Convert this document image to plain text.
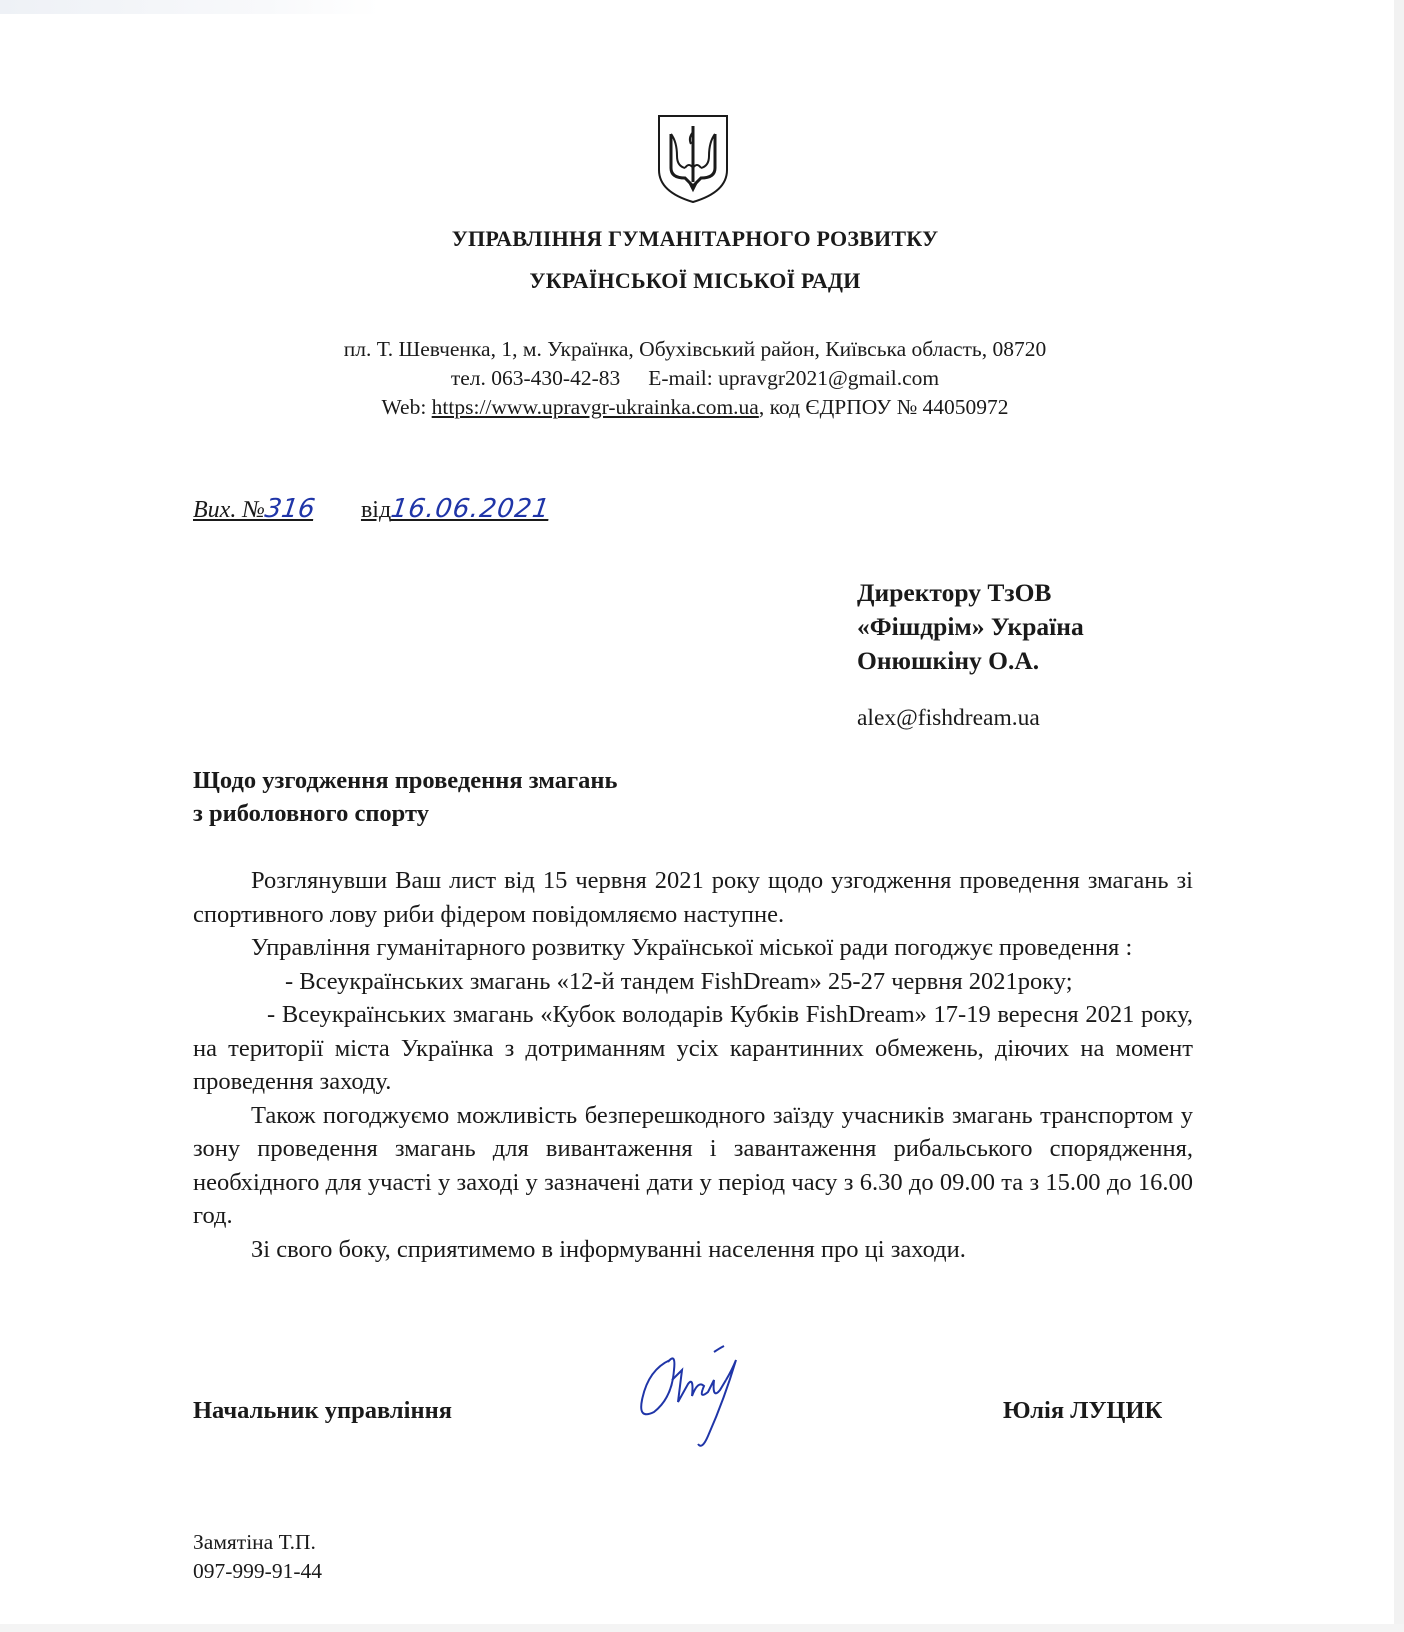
УПРАВЛІННЯ ГУМАНІТАРНОГО РОЗВИТКУ
УКРАЇНСЬКОЇ МІСЬКОЇ РАДИ
пл. Т. Шевченка, 1, м. Українка, Обухівський район, Київська область, 08720
тел. 063-430-42-83 E-mail: upravgr2021@gmail.com
Web: https://www.upravgr-ukrainka.com.ua, код ЄДРПОУ № 44050972
Вих. №316 від16.06.2021
Директору ТзОВ
«Фішдрім» Україна
Онюшкіну О.А.
alex@fishdream.ua
Щодо узгодження проведення змагань
з риболовного спорту

Розглянувши Ваш лист від 15 червня 2021 року щодо узгодження проведення змагань зі спортивного лову риби фідером повідомляємо наступне.

Управління гуманітарного розвитку Української міської ради погоджує проведення :

- Всеукраїнських змагань «12-й тандем FishDream» 25-27 червня 2021року;

- Всеукраїнських змагань «Кубок володарів Кубків FishDream» 17-19 вересня 2021 року, на території міста Українка з дотриманням усіх карантинних обмежень, діючих на момент проведення заходу.

Також погоджуємо можливість безперешкодного заїзду учасників змагань транспортом у зону проведення змагань для вивантаження і завантаження рибальського спорядження, необхідного для участі у заході у зазначені дати у період часу з 6.30 до 09.00 та з 15.00 до 16.00 год.

Зі свого боку, сприятимемо в інформуванні населення про ці заходи.

Начальник управління	Юлія ЛУЦИК
Замятіна Т.П.
097-999-91-44
